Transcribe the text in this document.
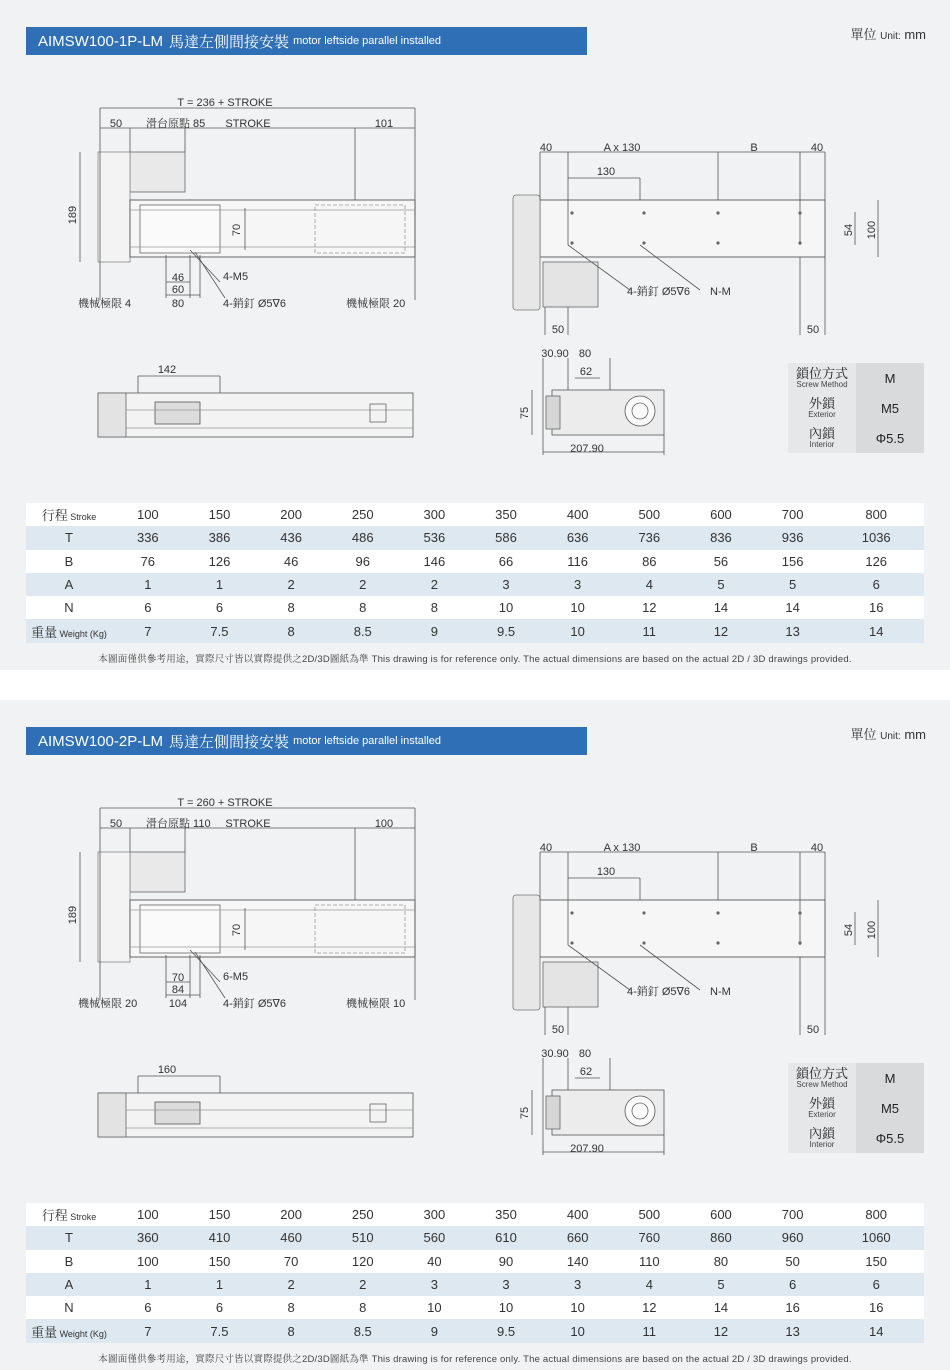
AIMSW100-1P-LM 馬達左側間接安裝 motor leftside parallel installed	單位 Unit: mm
T = 236 + STROKE
50 滑台原點 85 STROKE	101
189
70
46
60
80
4-M5
4-銷釘 Ø5∇6
機械極限 4	機械極限 20
142
40	A x 130	B	40
130
54 100
4-銷釘 Ø5∇6 N-M
50	50
30.90 80
62
75
207.90
鎖位方式
Screw Method	M
外鎖
Exterior	M5
內鎖
Interior	Φ5.5
行程 Stroke	100	150	200	250	300	350	400	500	600	700	800
T	336	386	436	486	536	586	636	736	836	936	1036
B	76	126	46	96	146	66	116	86	56	156	126
A	1	1	2	2	2	3	3	4	5	5	6
N	6	6	8	8	8	10	10	12	14	14	16
重量 Weight (Kg)	7	7.5	8	8.5	9	9.5	10	11	12	13	14
本圖面僅供參考用途，實際尺寸皆以實際提供之2D/3D圖紙為準 This drawing is for reference only. The actual dimensions are based on the actual 2D / 3D drawings provided.
AIMSW100-2P-LM 馬達左側間接安裝 motor leftside parallel installed	單位 Unit: mm
T = 260 + STROKE
50 滑台原點 110 STROKE	100
189
70
70
84
104
6-M5
4-銷釘 Ø5∇6
機械極限 20	機械極限 10
160
40	A x 130	B	40
130
54 100
4-銷釘 Ø5∇6 N-M
50	50
30.90 80
62
75
207.90
鎖位方式
Screw Method	M
外鎖
Exterior	M5
內鎖
Interior	Φ5.5
行程 Stroke	100	150	200	250	300	350	400	500	600	700	800
T	360	410	460	510	560	610	660	760	860	960	1060
B	100	150	70	120	40	90	140	110	80	50	150
A	1	1	2	2	3	3	3	4	5	6	6
N	6	6	8	8	10	10	10	12	14	16	16
重量 Weight (Kg)	7	7.5	8	8.5	9	9.5	10	11	12	13	14
本圖面僅供參考用途，實際尺寸皆以實際提供之2D/3D圖紙為準 This drawing is for reference only. The actual dimensions are based on the actual 2D / 3D drawings provided.
